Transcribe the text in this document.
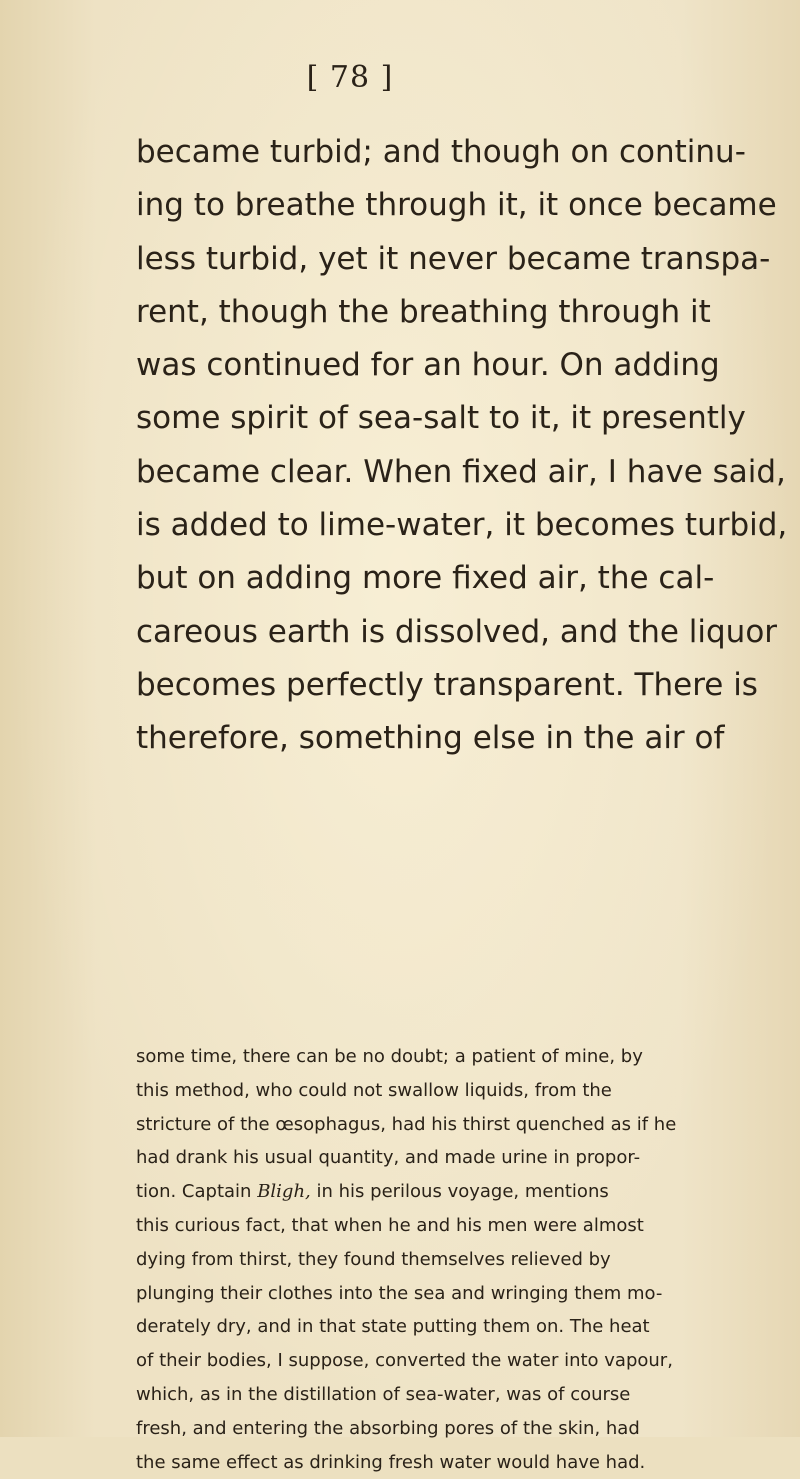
[ 78 ]
became turbid; and though on continu-
ing to breathe through it, it once became
less turbid, yet it never became transpa-
rent, though the breathing through it
was continued for an hour. On adding
some spirit of sea-salt to it, it presently
became clear. When fixed air, I have said,
is added to lime-water, it becomes turbid,
but on adding more fixed air, the cal-
careous earth is dissolved, and the liquor
becomes perfectly transparent. There is
therefore, something else in the air of
some time, there can be no doubt; a patient of mine, by
this method, who could not swallow liquids, from the
stricture of the œsophagus, had his thirst quenched as if he
had drank his usual quantity, and made urine in propor-
tion. Captain Bligh, in his perilous voyage, mentions
this curious fact, that when he and his men were almost
dying from thirst, they found themselves relieved by
plunging their clothes into the sea and wringing them mo-
derately dry, and in that state putting them on. The heat
of their bodies, I suppose, converted the water into vapour,
which, as in the distillation of sea-water, was of course
fresh, and entering the absorbing pores of the skin, had
the same effect as drinking fresh water would have had.
